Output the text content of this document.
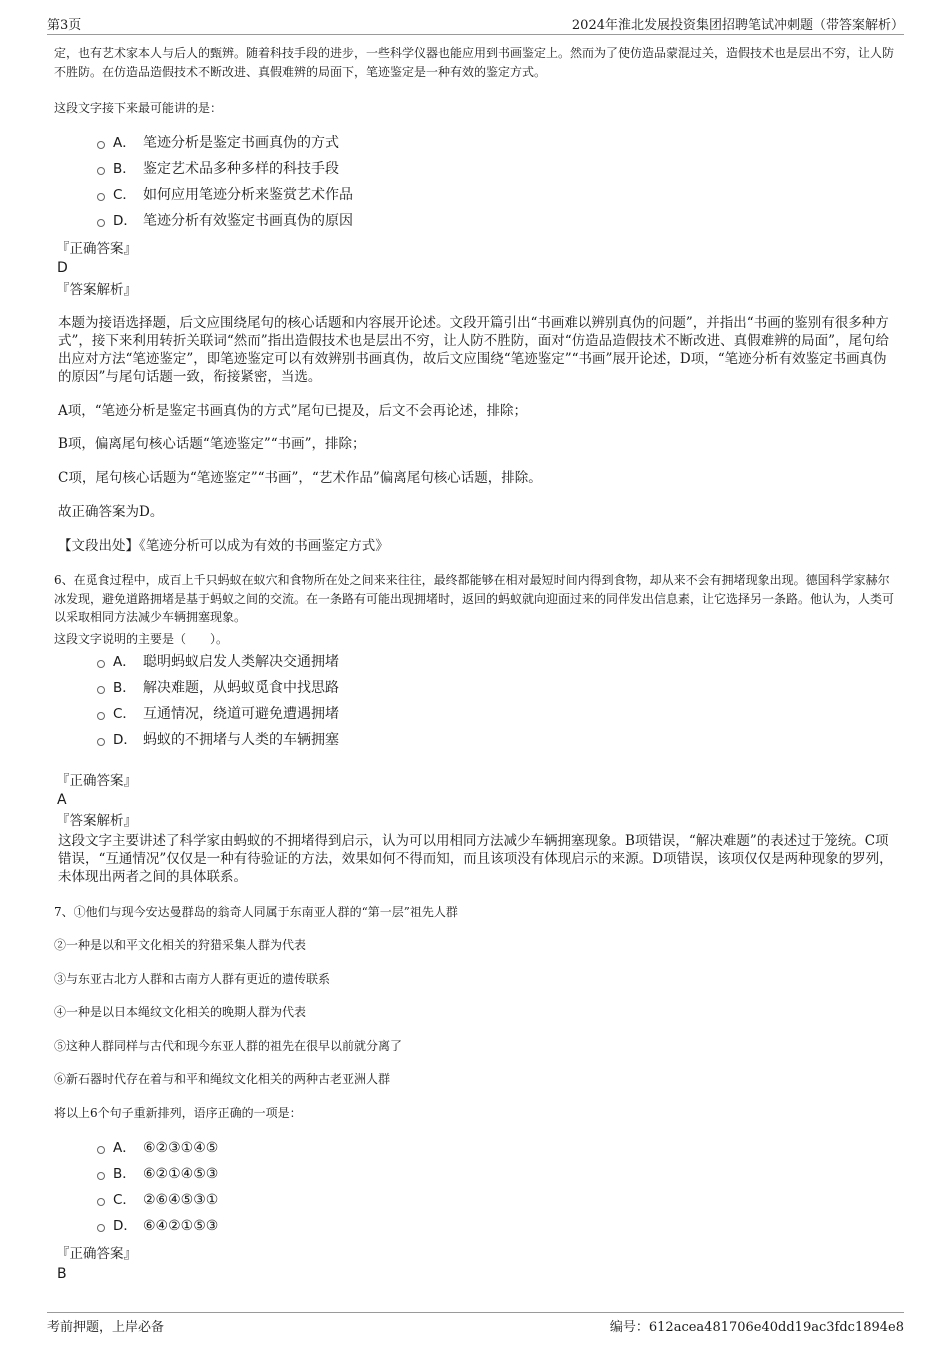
第3页	2024年淮北发展投资集团招聘笔试冲刺题（带答案解析）
定，也有艺术家本人与后人的甄辨。随着科技手段的进步，一些科学仪器也能应用到书画鉴定上。然而为了使仿造品蒙混过关，造假技术也是层出不穷，让人防不胜防。在仿造品造假技术不断改进、真假难辨的局面下，笔迹鉴定是一种有效的鉴定方式。
这段文字接下来最可能讲的是：
A． 笔迹分析是鉴定书画真伪的方式
B． 鉴定艺术品多种多样的科技手段
C． 如何应用笔迹分析来鉴赏艺术作品
D． 笔迹分析有效鉴定书画真伪的原因
『正确答案』
D
『答案解析』
本题为接语选择题，后文应围绕尾句的核心话题和内容展开论述。文段开篇引出“书画难以辨别真伪的问题”，并指出“书画的鉴别有很多种方式”，接下来利用转折关联词“然而”指出造假技术也是层出不穷，让人防不胜防，面对“仿造品造假技术不断改进、真假难辨的局面”，尾句给出应对方法“笔迹鉴定”，即笔迹鉴定可以有效辨别书画真伪，故后文应围绕“笔迹鉴定”“书画”展开论述，D项，“笔迹分析有效鉴定书画真伪的原因”与尾句话题一致，衔接紧密，当选。
A项，“笔迹分析是鉴定书画真伪的方式”尾句已提及，后文不会再论述，排除；
B项，偏离尾句核心话题“笔迹鉴定”“书画”，排除；
C项，尾句核心话题为“笔迹鉴定”“书画”，“艺术作品”偏离尾句核心话题，排除。
故正确答案为D。
【文段出处】《笔迹分析可以成为有效的书画鉴定方式》
6、在觅食过程中，成百上千只蚂蚁在蚁穴和食物所在处之间来来往往，最终都能够在相对最短时间内得到食物，却从来不会有拥堵现象出现。德国科学家赫尔冰发现，避免道路拥堵是基于蚂蚁之间的交流。在一条路有可能出现拥堵时，返回的蚂蚁就向迎面过来的同伴发出信息素，让它选择另一条路。他认为，人类可以采取相同方法减少车辆拥塞现象。
这段文字说明的主要是（　　）。
A． 聪明蚂蚁启发人类解决交通拥堵
B． 解决难题，从蚂蚁觅食中找思路
C． 互通情况，绕道可避免遭遇拥堵
D． 蚂蚁的不拥堵与人类的车辆拥塞
『正确答案』
A
『答案解析』
这段文字主要讲述了科学家由蚂蚁的不拥堵得到启示，认为可以用相同方法减少车辆拥塞现象。B项错误，“解决难题”的表述过于笼统。C项错误，“互通情况”仅仅是一种有待验证的方法，效果如何不得而知，而且该项没有体现启示的来源。D项错误，该项仅仅是两种现象的罗列，未体现出两者之间的具体联系。
7、①他们与现今安达曼群岛的翁奇人同属于东南亚人群的“第一层”祖先人群
②一种是以和平文化相关的狩猎采集人群为代表
③与东亚古北方人群和古南方人群有更近的遗传联系
④一种是以日本绳纹文化相关的晚期人群为代表
⑤这种人群同样与古代和现今东亚人群的祖先在很早以前就分离了
⑥新石器时代存在着与和平和绳纹文化相关的两种古老亚洲人群
将以上6个句子重新排列，语序正确的一项是：
A． ⑥②③①④⑤
B． ⑥②①④⑤③
C． ②⑥④⑤③①
D． ⑥④②①⑤③
『正确答案』
B
考前押题，上岸必备	编号：612acea481706e40dd19ac3fdc1894e8
